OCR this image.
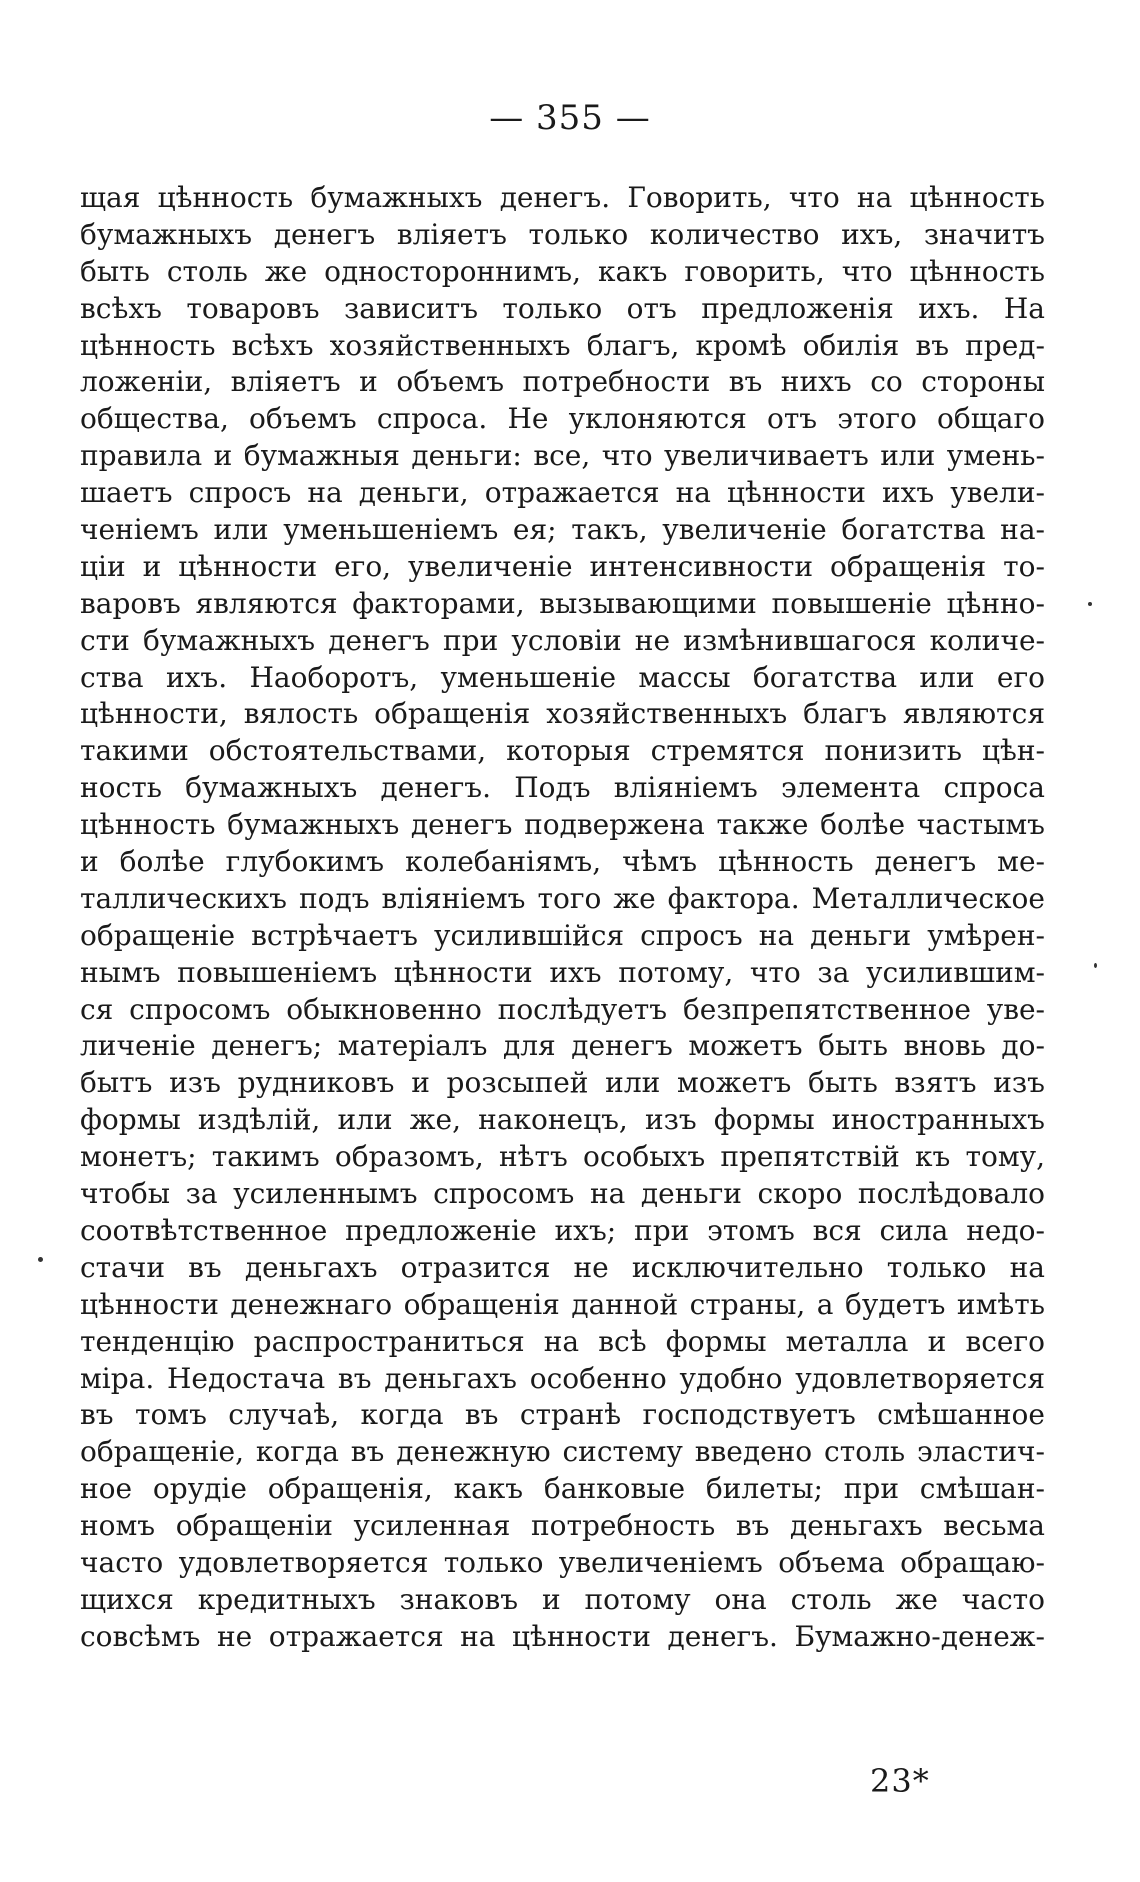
— 355 —
щая цѣнность бумажныхъ денегъ. Говорить, что на цѣнность
бумажныхъ денегъ вліяетъ только количество ихъ, значитъ
быть столь же одностороннимъ, какъ говорить, что цѣнность
всѣхъ товаровъ зависитъ только отъ предложенія ихъ. На
цѣнность всѣхъ хозяйственныхъ благъ, кромѣ обилія въ пред-
ложеніи, вліяетъ и объемъ потребности въ нихъ со стороны
общества, объемъ спроса. Не уклоняются отъ этого общаго
правила и бумажныя деньги: все, что увеличиваетъ или умень-
шаетъ спросъ на деньги, отражается на цѣнности ихъ увели-
ченіемъ или уменьшеніемъ ея; такъ, увеличеніе богатства на-
ціи и цѣнности его, увеличеніе интенсивности обращенія то-
варовъ являются факторами, вызывающими повышеніе цѣнно-
сти бумажныхъ денегъ при условіи не измѣнившагося количе-
ства ихъ. Наоборотъ, уменьшеніе массы богатства или его
цѣнности, вялость обращенія хозяйственныхъ благъ являются
такими обстоятельствами, которыя стремятся понизить цѣн-
ность бумажныхъ денегъ. Подъ вліяніемъ элемента спроса
цѣнность бумажныхъ денегъ подвержена также болѣе частымъ
и болѣе глубокимъ колебаніямъ, чѣмъ цѣнность денегъ ме-
таллическихъ подъ вліяніемъ того же фактора. Металлическое
обращеніе встрѣчаетъ усилившійся спросъ на деньги умѣрен-
нымъ повышеніемъ цѣнности ихъ потому, что за усилившим-
ся спросомъ обыкновенно послѣдуетъ безпрепятственное уве-
личеніе денегъ; матеріалъ для денегъ можетъ быть вновь до-
бытъ изъ рудниковъ и розсыпей или можетъ быть взятъ изъ
формы издѣлій, или же, наконецъ, изъ формы иностранныхъ
монетъ; такимъ образомъ, нѣтъ особыхъ препятствій къ тому,
чтобы за усиленнымъ спросомъ на деньги скоро послѣдовало
соотвѣтственное предложеніе ихъ; при этомъ вся сила недо-
стачи въ деньгахъ отразится не исключительно только на
цѣнности денежнаго обращенія данной страны, а будетъ имѣть
тенденцію распространиться на всѣ формы металла и всего
міра. Недостача въ деньгахъ особенно удобно удовлетворяется
въ томъ случаѣ, когда въ странѣ господствуетъ смѣшанное
обращеніе, когда въ денежную систему введено столь эластич-
ное орудіе обращенія, какъ банковые билеты; при смѣшан-
номъ обращеніи усиленная потребность въ деньгахъ весьма
часто удовлетворяется только увеличеніемъ объема обращаю-
щихся кредитныхъ знаковъ и потому она столь же часто
совсѣмъ не отражается на цѣнности денегъ. Бумажно-денеж-
23*
